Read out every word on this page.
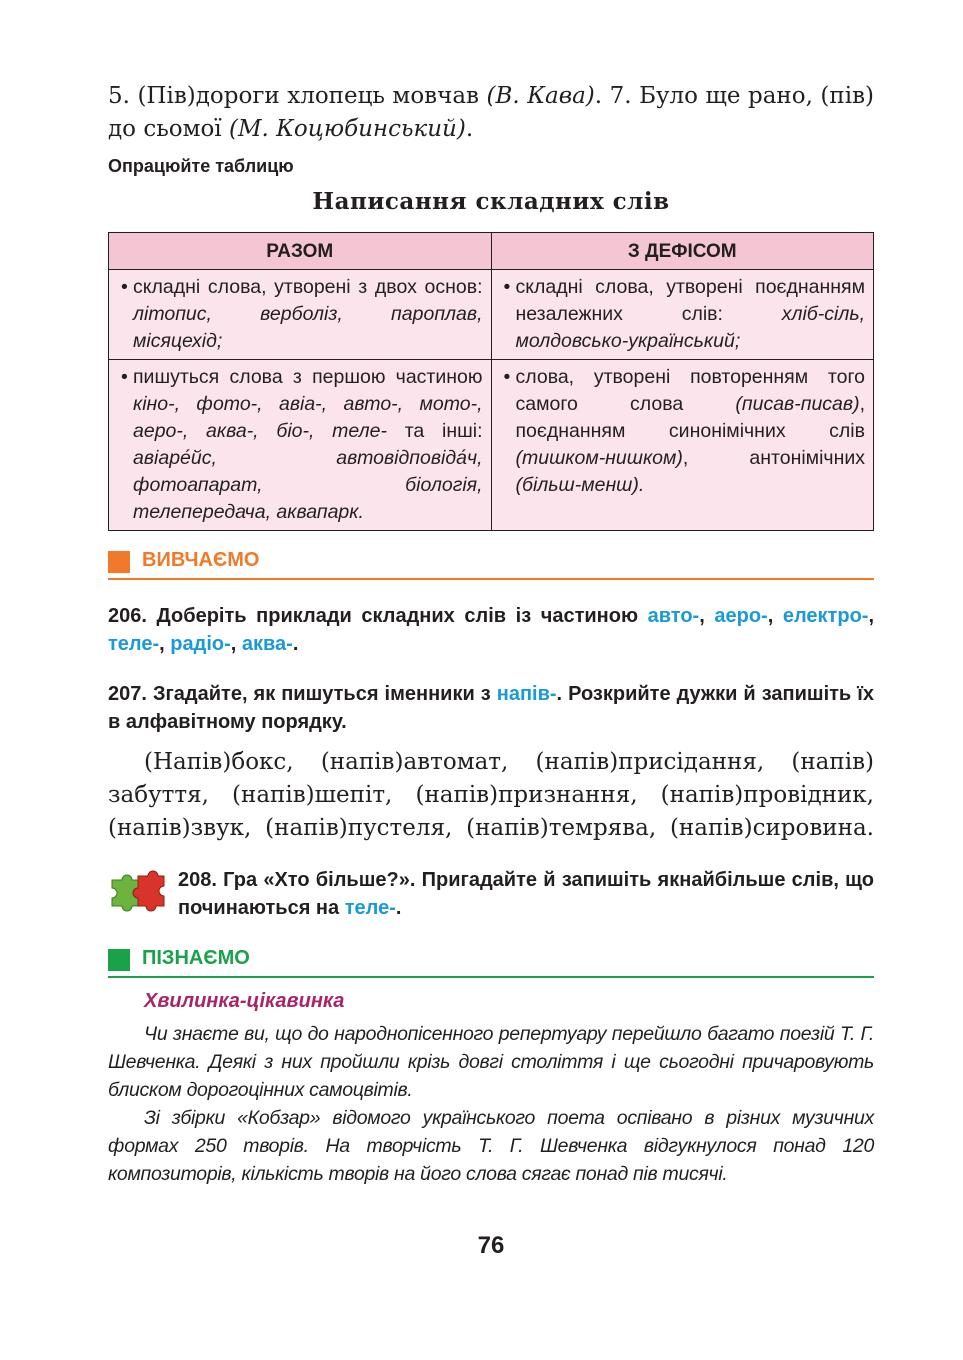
5. (Пів)дороги хлопець мовчав (В. Кава). 7. Було ще рано, (пів) до сьомої (М. Коцюбинський).
Опрацюйте таблицю
Написання складних слів
РАЗОМ	З ДЕФІСОМ

• складні слова, утворені з двох основ: літопис, верболіз, пароплав, місяцехід;	• складні слова, утворені поєднанням незалежних слів: хліб-сіль, молдовсько-український;

• пишуться слова з першою частиною кіно-, фото-, авіа-, авто-, мото-, аеро-, аква-, біо-, теле- та інші: авіаре́йс, автовідповіда́ч, фотоапарат, біологія, телепередача, аквапарк.	• слова, утворені повторенням того самого слова (писав-писав), поєднанням синонімічних слів (тишком-нишком), антонімічних (більш-менш).
ВИВЧАЄМО
206. Доберіть приклади складних слів із частиною авто-, аеро-, електро-, теле-, радіо-, аква-.
207. Згадайте, як пишуться іменники з напів-. Розкрийте дужки й запишіть їх в алфавітному порядку.
(Напів)бокс, (напів)автомат, (напів)присідання, (напів) забуття, (напів)шепіт, (напів)признання, (напів)провідник, (напів)звук, (напів)пустеля, (напів)темрява, (напів)сировина.
208. Гра «Хто більше?». Пригадайте й запишіть якнайбільше слів, що починаються на теле-.
ПІЗНАЄМО
Хвилинка-цікавинка
Чи знаєте ви, що до народнопісенного репертуару перейшло багато поезій Т. Г. Шевченка. Деякі з них пройшли крізь довгі століття і ще сьогодні причаровують блиском дорогоцінних самоцвітів.
Зі збірки «Кобзар» відомого українського поета оспівано в різних музичних формах 250 творів. На творчість Т. Г. Шевченка відгукнулося понад 120 композиторів, кількість творів на його слова сягає понад пів тисячі.
76
